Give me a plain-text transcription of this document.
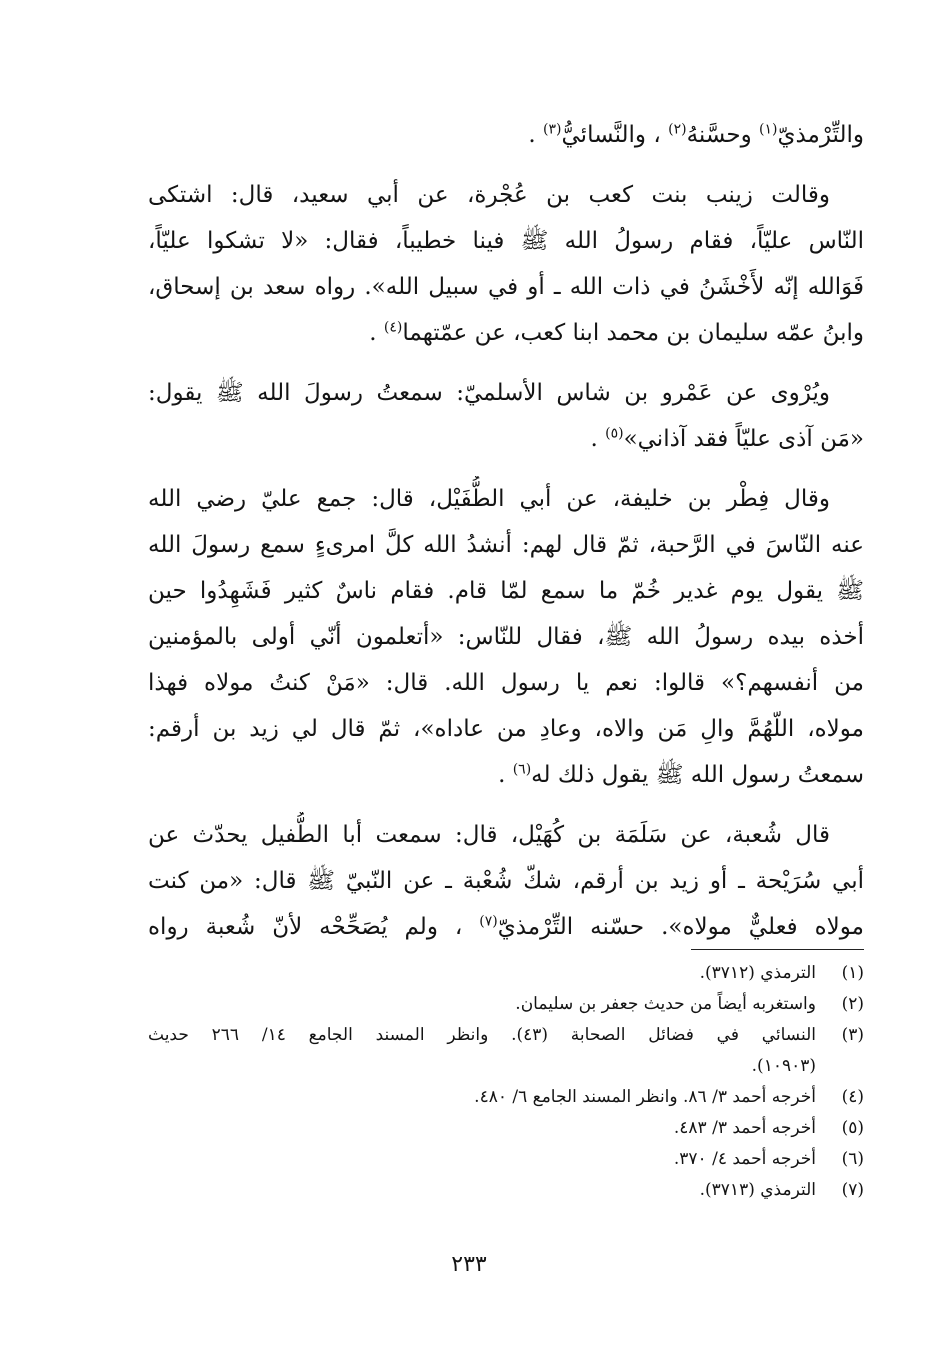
والتِّرْمذيّ$^{(١)}$ وحسَّنهُ$^{(٢)}$ ، والنَّسائيُّ$^{(٣)}$ .
وقالت زينب بنت كعب بن عُجْرة، عن أبي سعيد، قال: اشتكى
النّاس عليّاً، فقام رسولُ الله ﷺ فينا خطيباً، فقال: «لا تشكوا عليّاً،
فَوَالله إنّه لأَخْشَنُ في ذات الله ـ أو في سبيل الله». رواه سعد بن إسحاق،
وابنُ عمّه سليمان بن محمد ابنا كعب، عن عمّتهما$^{(٤)}$ .
ويُرْوى عن عَمْرو بن شاس الأسلميّ: سمعتُ رسولَ الله ﷺ يقول:
«مَن آذى عليّاً فقد آذاني»$^{(٥)}$ .
وقال فِطْر بن خليفة، عن أبي الطُّفَيْل، قال: جمع عليّ رضي الله
عنه النّاسَ في الرَّحبة، ثمّ قال لهم: أنشدُ الله كلَّ امرىءٍ سمع رسولَ الله
ﷺ يقول يوم غدير خُمّ ما سمع لمّا قام. فقام ناسٌ كثير فَشَهِدُوا حين
أخذه بيده رسولُ الله ﷺ، فقال للنّاس: «أتعلمون أنّي أولى بالمؤمنين
من أنفسهم؟» قالوا: نعم يا رسول الله. قال: «مَنْ كنتُ مولاه فهذا
مولاه، اللّهُمَّ والِ مَن والاه، وعادِ من عاداه»، ثمّ قال لي زيد بن أرقم:
سمعتُ رسول الله ﷺ يقول ذلك له$^{(٦)}$ .
قال شُعبة، عن سَلَمَة بن كُهَيْل، قال: سمعت أبا الطُّفيل يحدّث عن
أبي سُرَيْحة ـ أو زيد بن أرقم، شكّ شُعْبة ـ عن النّبيّ ﷺ قال: «من كنت
مولاه فعليٌّ مولاه». حسّنه التِّرْمذيّ$^{(٧)}$ ، ولم يُصَحِّحْه لأنّ شُعبة رواه
(١)
الترمذي (٣٧١٢).
(٢)
واستغربه أيضاً من حديث جعفر بن سليمان.
(٣)
النسائي في فضائل الصحابة (٤٣). وانظر المسند الجامع ١٤/ ٢٦٦ حديث
(١٠٩٠٣).
(٤)
أخرجه أحمد ٣/ ٨٦. وانظر المسند الجامع ٦/ ٤٨٠.
(٥)
أخرجه أحمد ٣/ ٤٨٣.
(٦)
أخرجه أحمد ٤/ ٣٧٠.
(٧)
الترمذي (٣٧١٣).
٢٣٣
